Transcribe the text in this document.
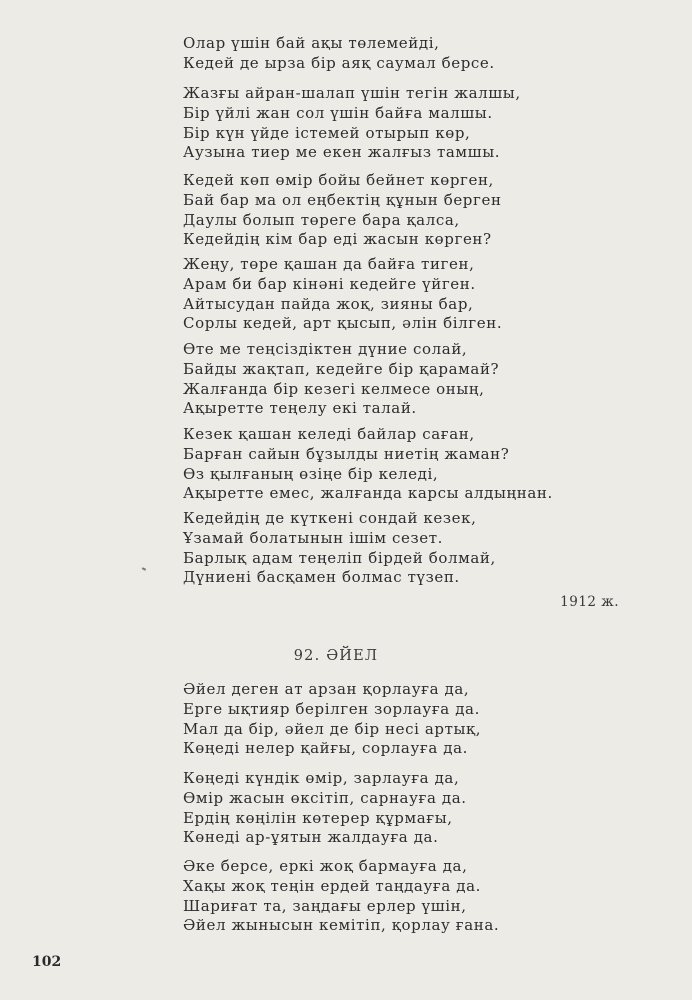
Олар үшін бай ақы төлемейді,
Кедей де ырза бір аяқ саумал берсе.
Жазғы айран-шалап үшін тегін жалшы,
Бір үйлі жан сол үшін байға малшы.
Бір күн үйде істемей отырып көр,
Аузына тиер ме екен жалғыз тамшы.
Кедей көп өмір бойы бейнет көрген,
Бай бар ма ол еңбектің құнын берген
Даулы болып төреге бара қалса,
Кедейдің кім бар еді жасын көрген?
Жеңу, төре қашан да байға тиген,
Арам би бар кінәні кедейге үйген.
Айтысудан пайда жоқ, зияны бар,
Сорлы кедей, арт қысып, әлін білген.
Өте ме теңсіздіктен дүние солай,
Байды жақтап, кедейге бір қарамай?
Жалғанда бір кезегі келмесе оның,
Ақыретте теңелу екі талай.
Кезек қашан келеді байлар саған,
Барған сайын бұзылды ниетің жаман?
Өз қылғаның өзіңе бір келеді,
Ақыретте емес, жалғанда карсы алдыңнан.
Кедейдің де күткені сондай кезек,
Ұзамай болатынын ішім сезет.
Барлық адам теңеліп бірдей болмай,
Дүниені басқамен болмас түзеп.
1912 ж.
92. ӘЙЕЛ
Әйел деген ат арзан қорлауға да,
Ерге ықтияр берілген зорлауға да.
Мал да бір, әйел де бір несі артық,
Көңеді нелер қайғы, сорлауға да.
Көңеді күндік өмір, зарлауға да,
Өмір жасын өксітіп, сарнауға да.
Ердің көңілін көтерер құрмағы,
Көнеді ар-ұятын жалдауға да.
Әке берсе, еркі жоқ бармауға да,
Хақы жоқ теңін ердей таңдауға да.
Шариғат та, заңдағы ерлер үшін,
Әйел жынысын кемітіп, қорлау ғана.
102
